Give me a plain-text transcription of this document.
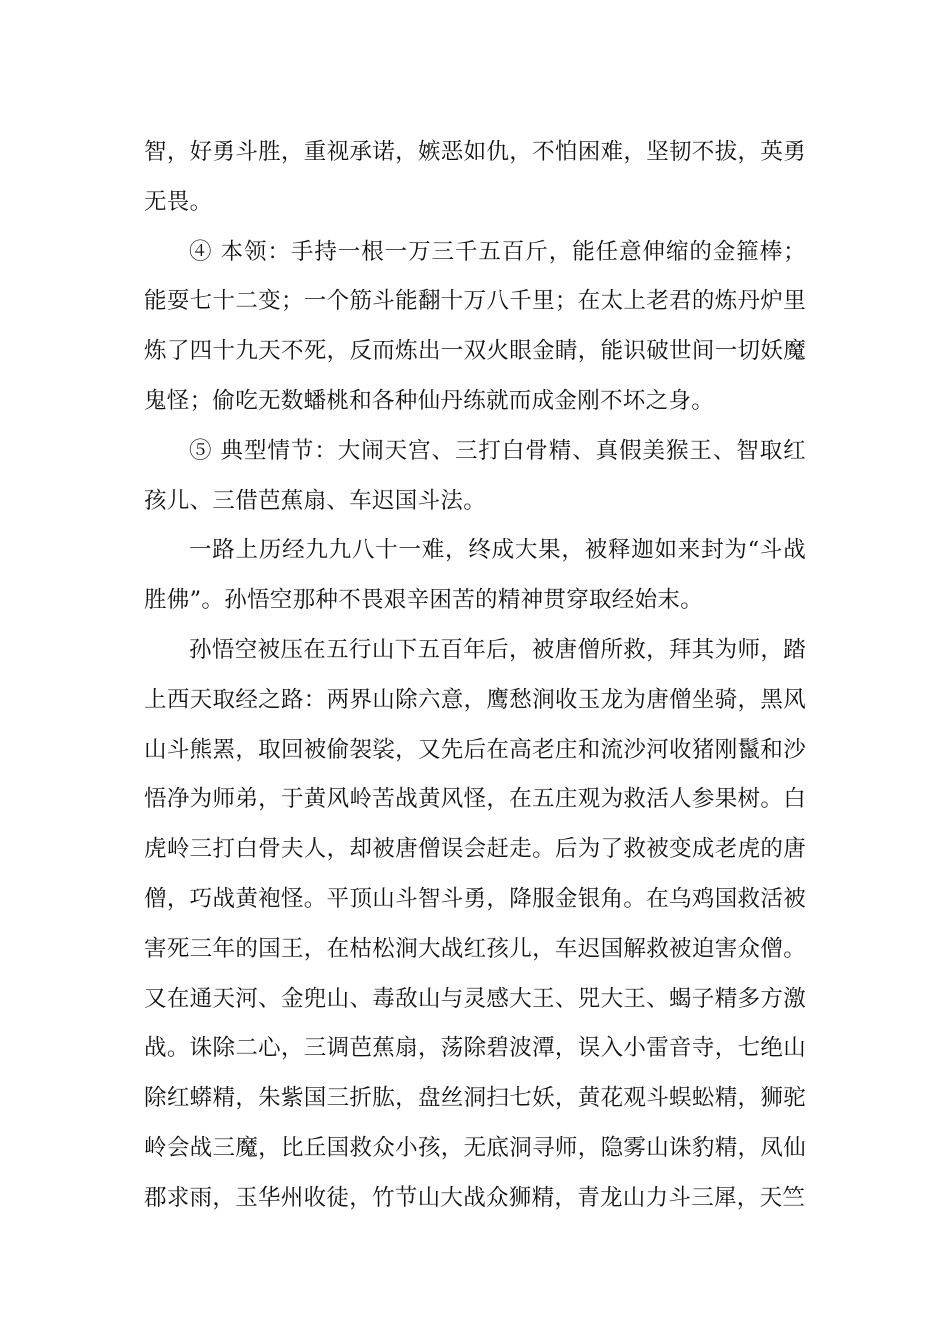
智，好勇斗胜，重视承诺，嫉恶如仇，不怕困难，坚韧不拔，英勇无畏。

④ 本领：手持一根一万三千五百斤，能任意伸缩的金箍棒；能耍七十二变；一个筋斗能翻十万八千里；在太上老君的炼丹炉里炼了四十九天不死，反而炼出一双火眼金睛，能识破世间一切妖魔鬼怪；偷吃无数蟠桃和各种仙丹练就而成金刚不坏之身。

⑤ 典型情节：大闹天宫、三打白骨精、真假美猴王、智取红孩儿、三借芭蕉扇、车迟国斗法。

一路上历经九九八十一难，终成大果，被释迦如来封为“斗战胜佛”。孙悟空那种不畏艰辛困苦的精神贯穿取经始末。

孙悟空被压在五行山下五百年后，被唐僧所救，拜其为师，踏上西天取经之路：两界山除六意，鹰愁涧收玉龙为唐僧坐骑，黑风山斗熊罴，取回被偷袈裟，又先后在高老庄和流沙河收猪刚鬣和沙悟净为师弟，于黄风岭苦战黄风怪，在五庄观为救活人参果树。白虎岭三打白骨夫人，却被唐僧误会赶走。后为了救被变成老虎的唐僧，巧战黄袍怪。平顶山斗智斗勇，降服金银角。在乌鸡国救活被害死三年的国王，在枯松涧大战红孩儿，车迟国解救被迫害众僧。又在通天河、金兜山、毒敌山与灵感大王、兕大王、蝎子精多方激战。诛除二心，三调芭蕉扇，荡除碧波潭，误入小雷音寺，七绝山除红蟒精，朱紫国三折肱，盘丝洞扫七妖，黄花观斗蜈蚣精，狮驼岭会战三魔，比丘国救众小孩，无底洞寻师，隐雾山诛豹精，凤仙郡求雨，玉华州收徒，竹节山大战众狮精，青龙山力斗三犀，天竺
